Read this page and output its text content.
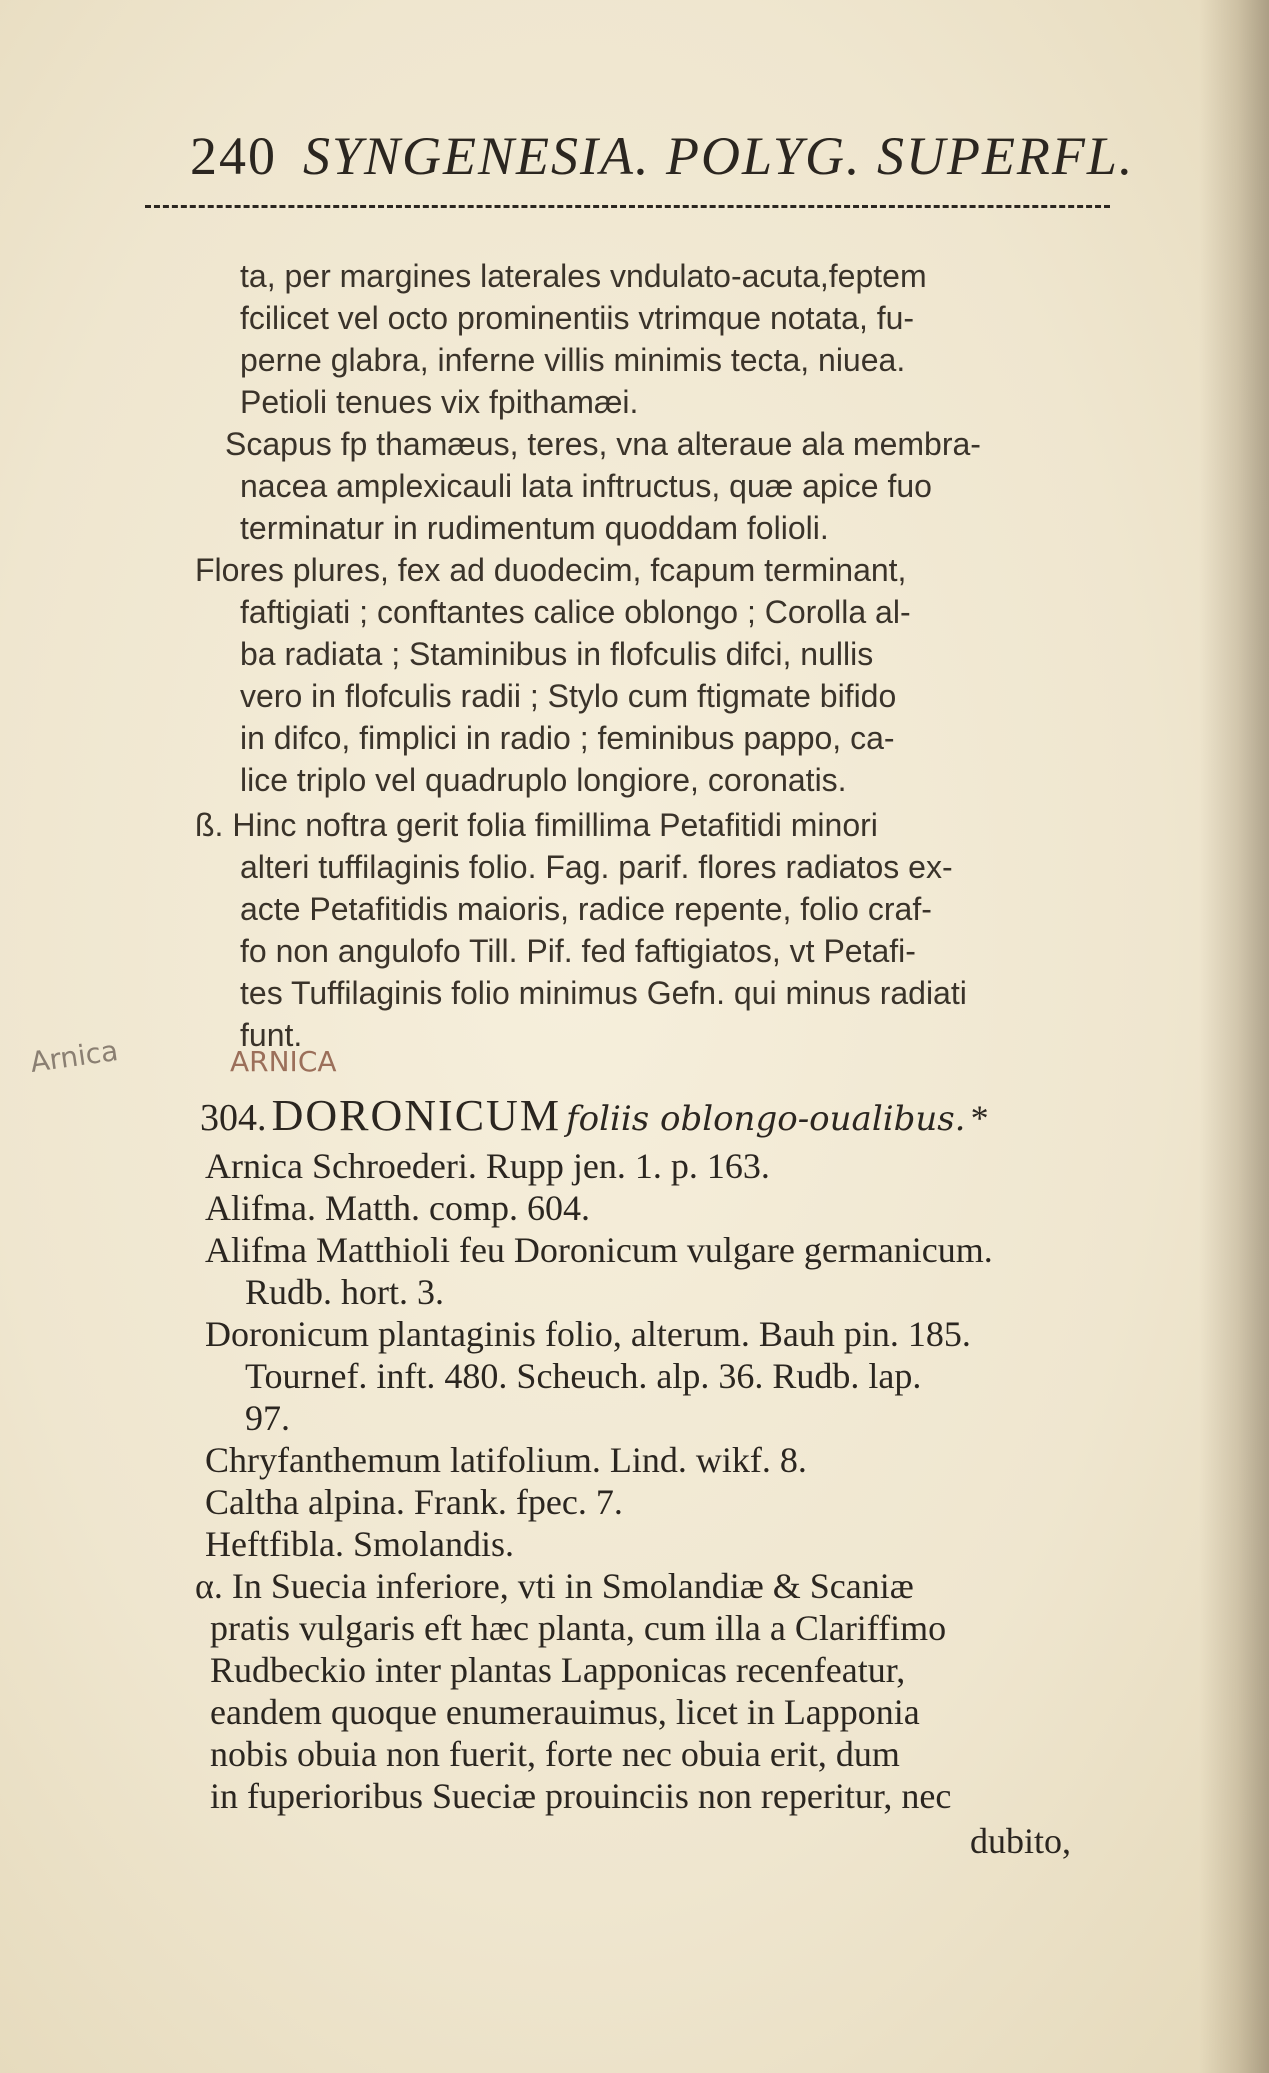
240 SYNGENESIA. POLYG. SUPERFL.

ta, per margines laterales vndulato-acuta,feptem

fcilicet vel octo prominentiis vtrimque notata, fu-

perne glabra, inferne villis minimis tecta, niuea.

Petioli tenues vix fpithamæi.

Scapus fp thamæus, teres, vna alteraue ala membra-

nacea amplexicauli lata inftructus, quæ apice fuo

terminatur in rudimentum quoddam folioli.

Flores plures, fex ad duodecim, fcapum terminant,

faftigiati ; conftantes calice oblongo ; Corolla al-

ba radiata ; Staminibus in flofculis difci, nullis

vero in flofculis radii ; Stylo cum ftigmate bifido

in difco, fimplici in radio ; feminibus pappo, ca-

lice triplo vel quadruplo longiore, coronatis.

ß. Hinc noftra gerit folia fimillima Petafitidi minori

alteri tuffilaginis folio. Fag. parif. flores radiatos ex-

acte Petafitidis maioris, radice repente, folio craf-

fo non angulofo Till. Pif. fed faftigiatos, vt Petafi-

tes Tuffilaginis folio minimus Gefn. qui minus radiati

funt.

Arnica	ARNICA

304. DORONICUM foliis oblongo-oualibus. *

Arnica Schroederi. Rupp jen. 1. p. 163.

Alifma. Matth. comp. 604.

Alifma Matthioli feu Doronicum vulgare germanicum.

Rudb. hort. 3.

Doronicum plantaginis folio, alterum. Bauh pin. 185.

Tournef. inft. 480. Scheuch. alp. 36. Rudb. lap.

97.

Chryfanthemum latifolium. Lind. wikf. 8.

Caltha alpina. Frank. fpec. 7.

Heftfibla. Smolandis.

α. In Suecia inferiore, vti in Smolandiæ & Scaniæ

pratis vulgaris eft hæc planta, cum illa a Clariffimo

Rudbeckio inter plantas Lapponicas recenfeatur,

eandem quoque enumerauimus, licet in Lapponia

nobis obuia non fuerit, forte nec obuia erit, dum

in fuperioribus Sueciæ prouinciis non reperitur, nec

dubito,
